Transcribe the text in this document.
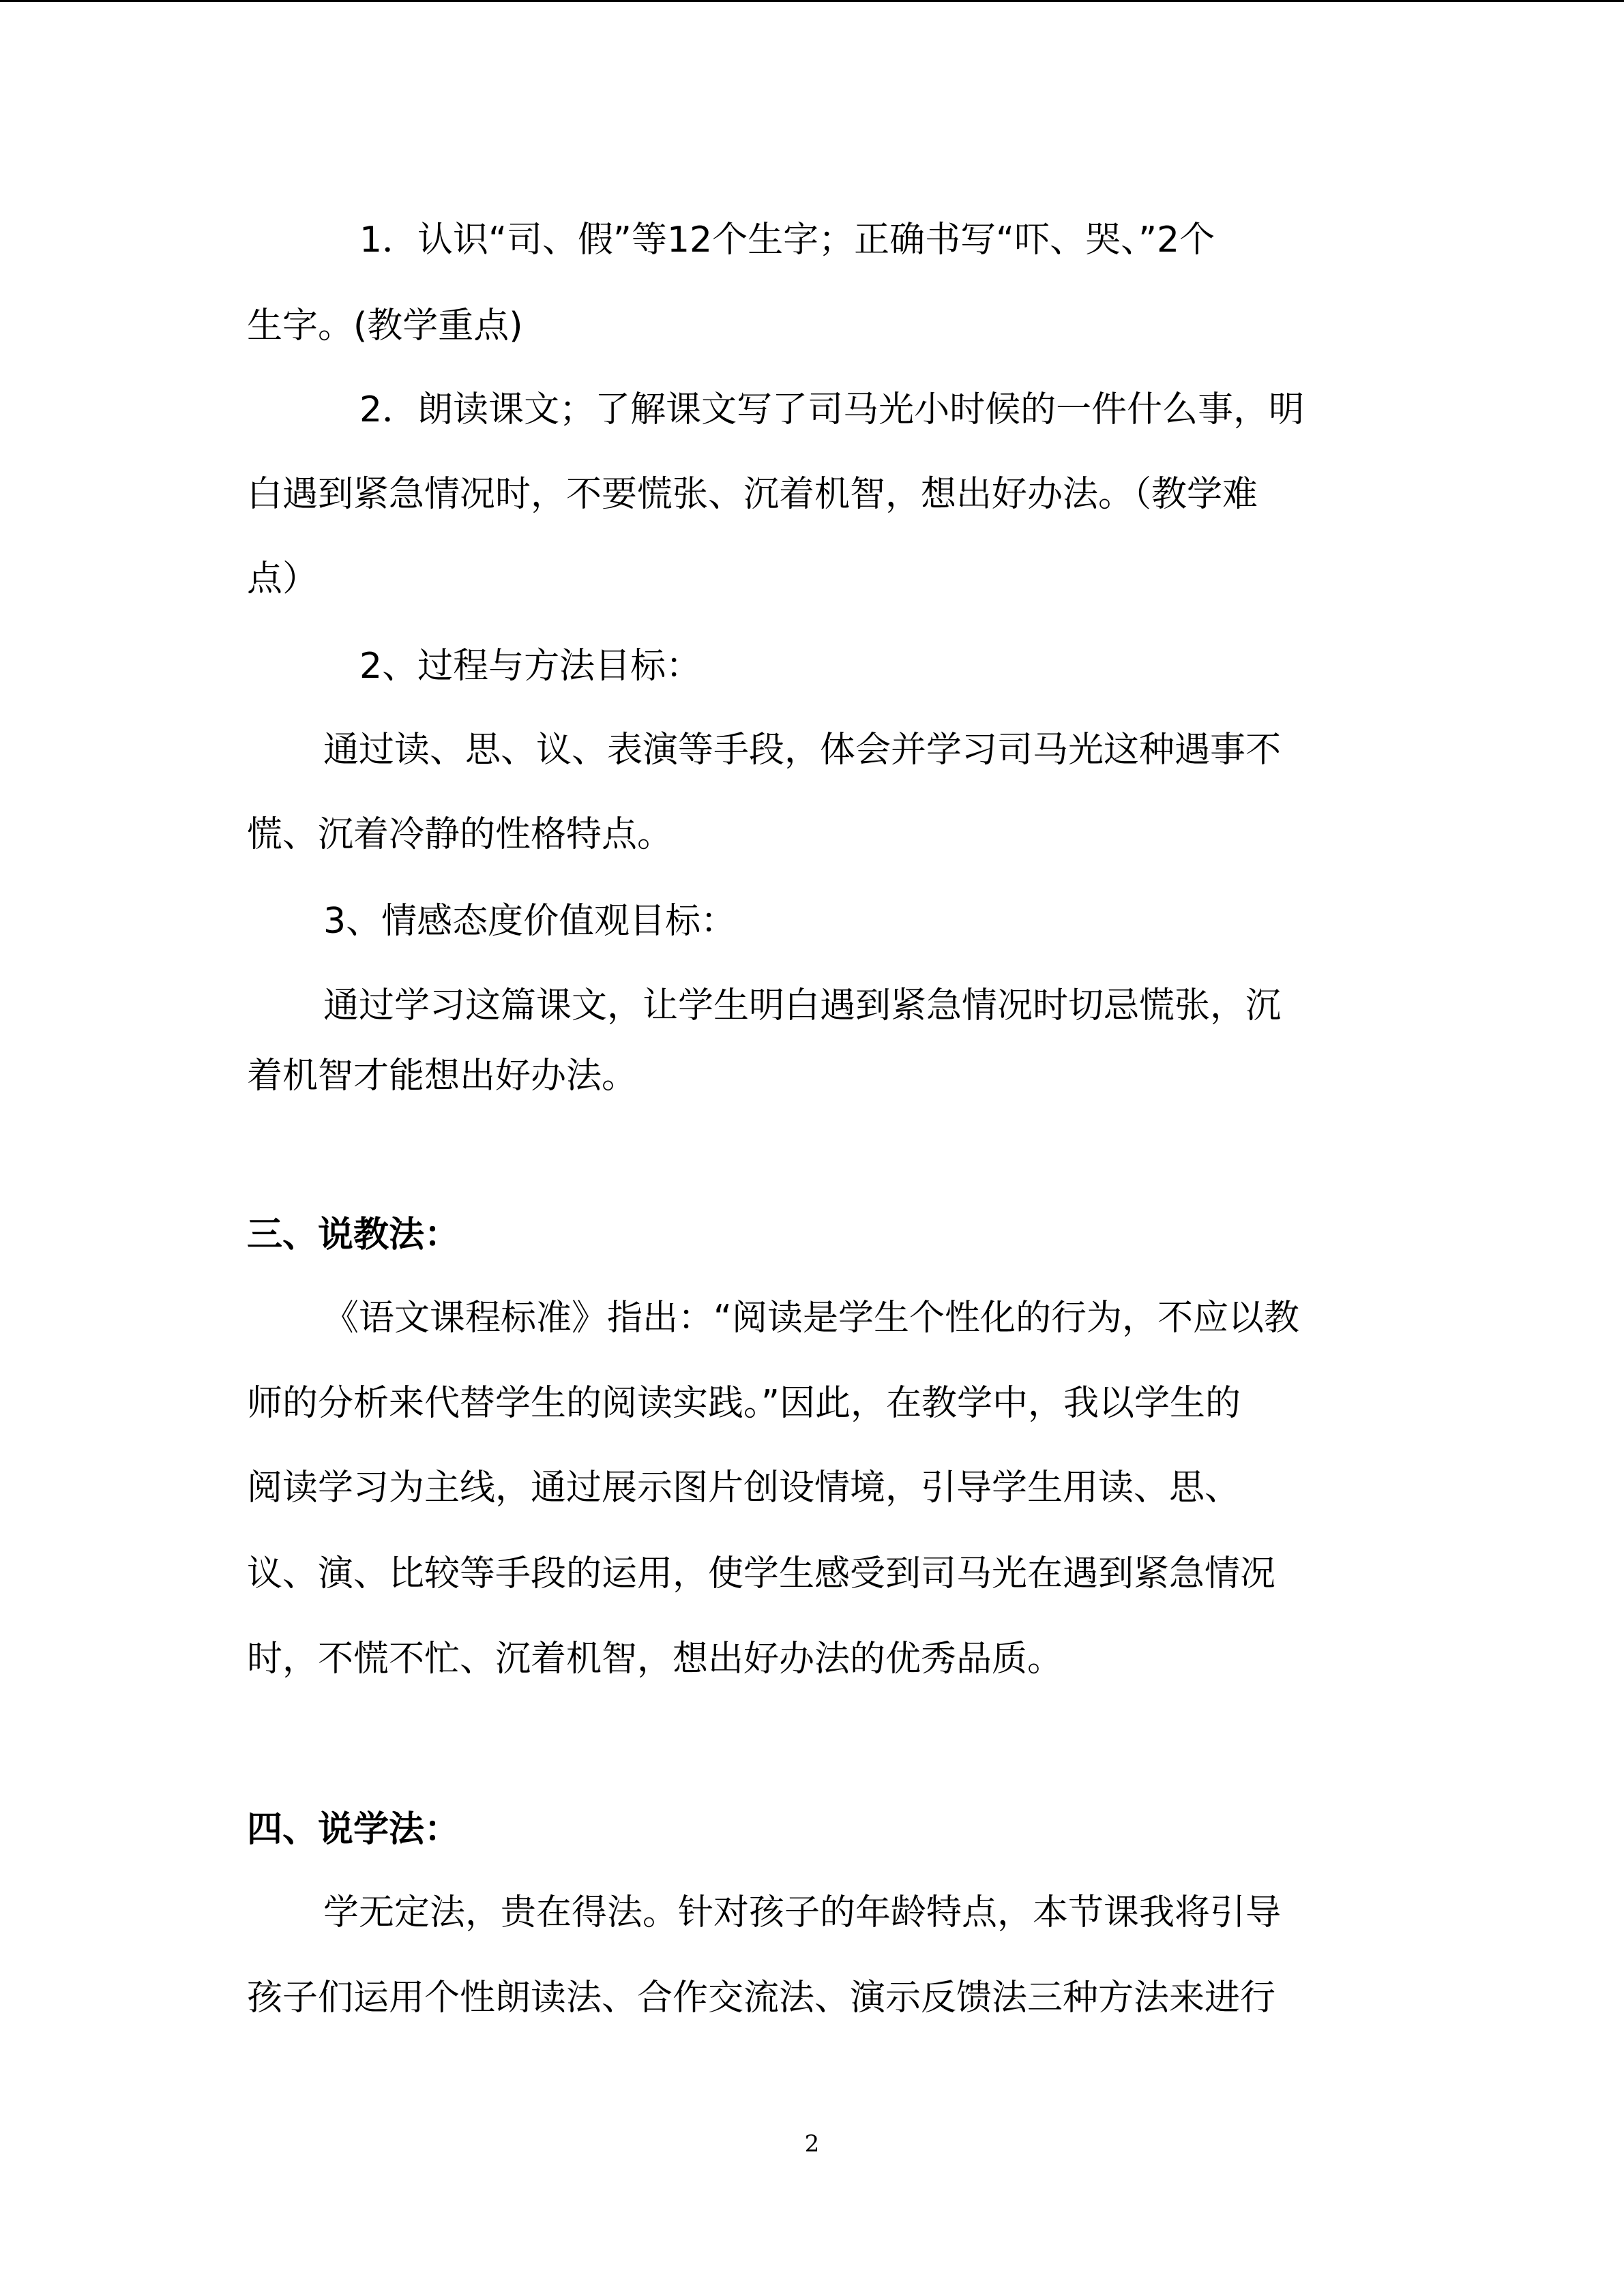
1．认识“司、假”等12个生字；正确书写“吓、哭、”2个
生字。(教学重点)
2．朗读课文；了解课文写了司马光小时候的一件什么事，明
白遇到紧急情况时，不要慌张、沉着机智，想出好办法。（教学难
点）
2、过程与方法目标：
通过读、思、议、表演等手段，体会并学习司马光这种遇事不
慌、沉着冷静的性格特点。
3、情感态度价值观目标：
通过学习这篇课文，让学生明白遇到紧急情况时切忌慌张，沉
着机智才能想出好办法。
三、说教法：
《语文课程标准》指出：“阅读是学生个性化的行为，不应以教
师的分析来代替学生的阅读实践。”因此，在教学中，我以学生的
阅读学习为主线，通过展示图片创设情境，引导学生用读、思、
议、演、比较等手段的运用，使学生感受到司马光在遇到紧急情况
时，不慌不忙、沉着机智，想出好办法的优秀品质。
四、说学法：
学无定法，贵在得法。针对孩子的年龄特点，本节课我将引导
孩子们运用个性朗读法、合作交流法、演示反馈法三种方法来进行
2
